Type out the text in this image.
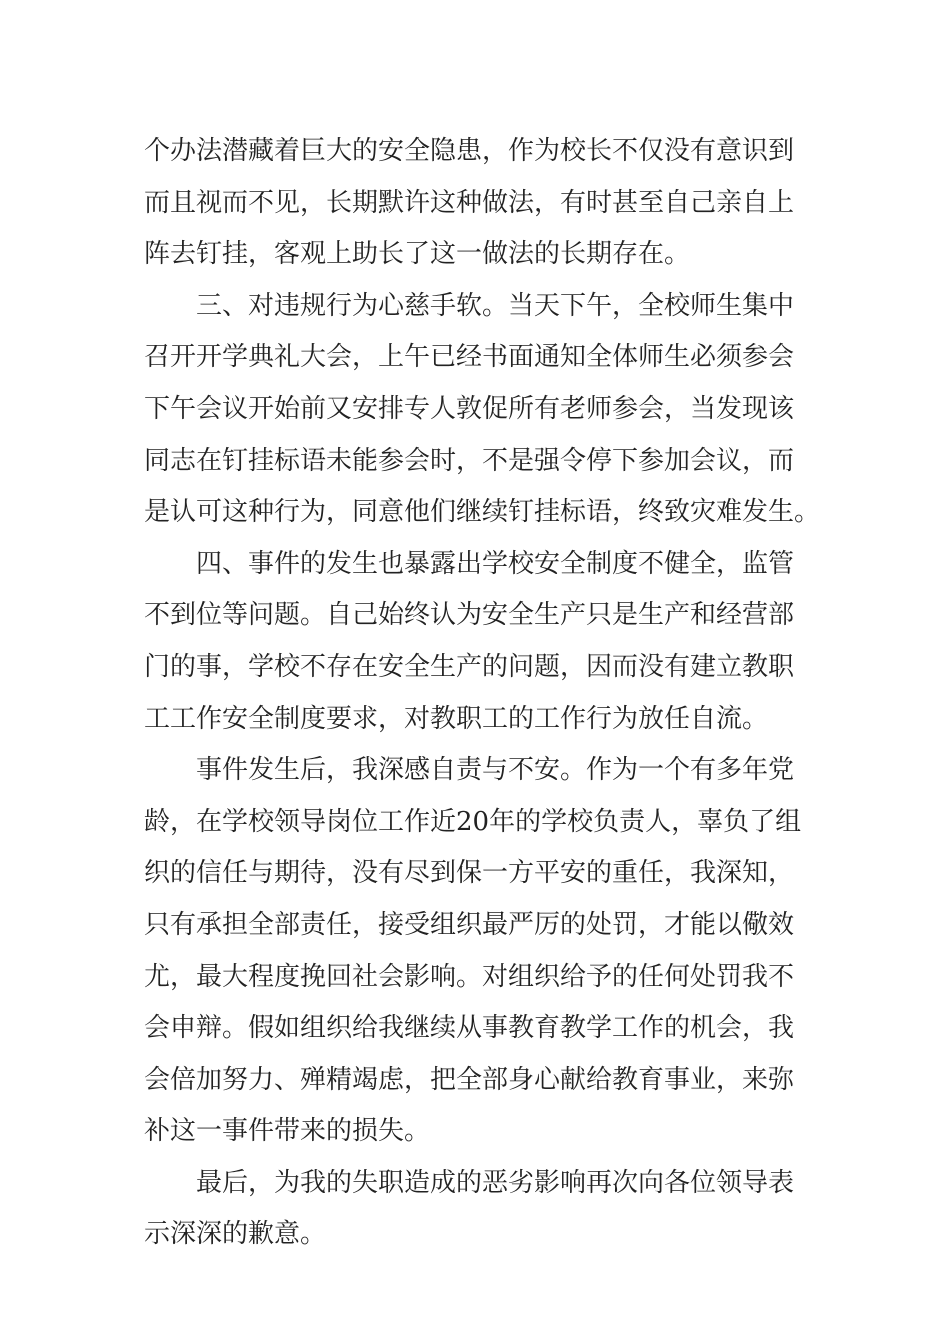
个办法潜藏着巨大的安全隐患，作为校长不仅没有意识到
而且视而不见，长期默许这种做法，有时甚至自己亲自上
阵去钉挂，客观上助长了这一做法的长期存在。
三、对违规行为心慈手软。当天下午，全校师生集中
召开开学典礼大会，上午已经书面通知全体师生必须参会
下午会议开始前又安排专人敦促所有老师参会，当发现该
同志在钉挂标语未能参会时，不是强令停下参加会议，而
是认可这种行为，同意他们继续钉挂标语，终致灾难发生。
四、事件的发生也暴露出学校安全制度不健全，监管
不到位等问题。自己始终认为安全生产只是生产和经营部
门的事，学校不存在安全生产的问题，因而没有建立教职
工工作安全制度要求，对教职工的工作行为放任自流。
事件发生后，我深感自责与不安。作为一个有多年党
龄，在学校领导岗位工作近20年的学校负责人，辜负了组
织的信任与期待，没有尽到保一方平安的重任，我深知，
只有承担全部责任，接受组织最严厉的处罚，才能以儆效
尤，最大程度挽回社会影响。对组织给予的任何处罚我不
会申辩。假如组织给我继续从事教育教学工作的机会，我
会倍加努力、殚精竭虑，把全部身心献给教育事业，来弥
补这一事件带来的损失。
最后，为我的失职造成的恶劣影响再次向各位领导表
示深深的歉意。
